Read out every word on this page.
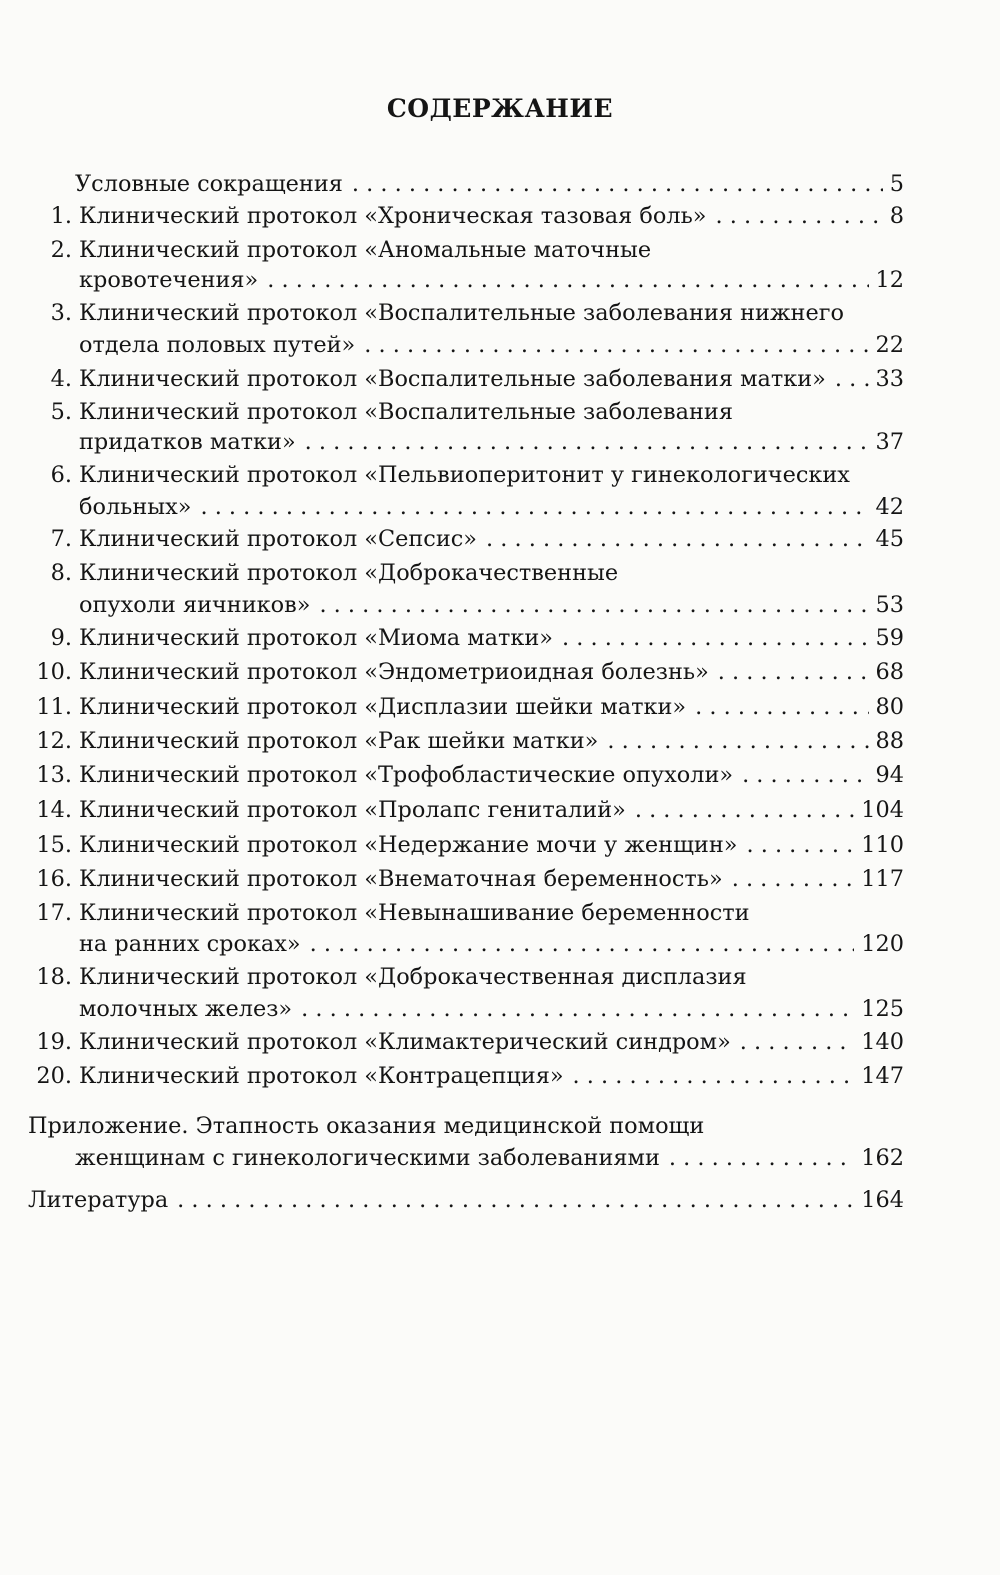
СОДЕРЖАНИЕ
Условные сокращения . . .	5
1. Клинический протокол «Хроническая тазовая боль» . . .	8
2. Клинический протокол «Аномальные маточные
кровотечения» . . .	12
3. Клинический протокол «Воспалительные заболевания нижнего
отдела половых путей» . . .	22
4. Клинический протокол «Воспалительные заболевания матки» . . . 33
5. Клинический протокол «Воспалительные заболевания
придатков матки» . . .	37
6. Клинический протокол «Пельвиоперитонит у гинекологических
больных» . . .	42
7. Клинический протокол «Сепсис» . . .	45
8. Клинический протокол «Доброкачественные
опухоли яичников» . . .	53
9. Клинический протокол «Миома матки» . . .	59
10. Клинический протокол «Эндометриоидная болезнь» . . .	68
11. Клинический протокол «Дисплазии шейки матки» . . .	80
12. Клинический протокол «Рак шейки матки» . . .	88
13. Клинический протокол «Трофобластические опухоли» . . .	94
14. Клинический протокол «Пролапс гениталий» . . .	104
15. Клинический протокол «Недержание мочи у женщин» . . .	110
16. Клинический протокол «Внематочная беременность» . . .	117
17. Клинический протокол «Невынашивание беременности
на ранних сроках» . . .	120
18. Клинический протокол «Доброкачественная дисплазия
молочных желез» . . .	125
19. Клинический протокол «Климактерический синдром» . . .	140
20. Клинический протокол «Контрацепция» . . .	147
Приложение. Этапность оказания медицинской помощи
женщинам с гинекологическими заболеваниями . . .	162
Литература . . .	164
